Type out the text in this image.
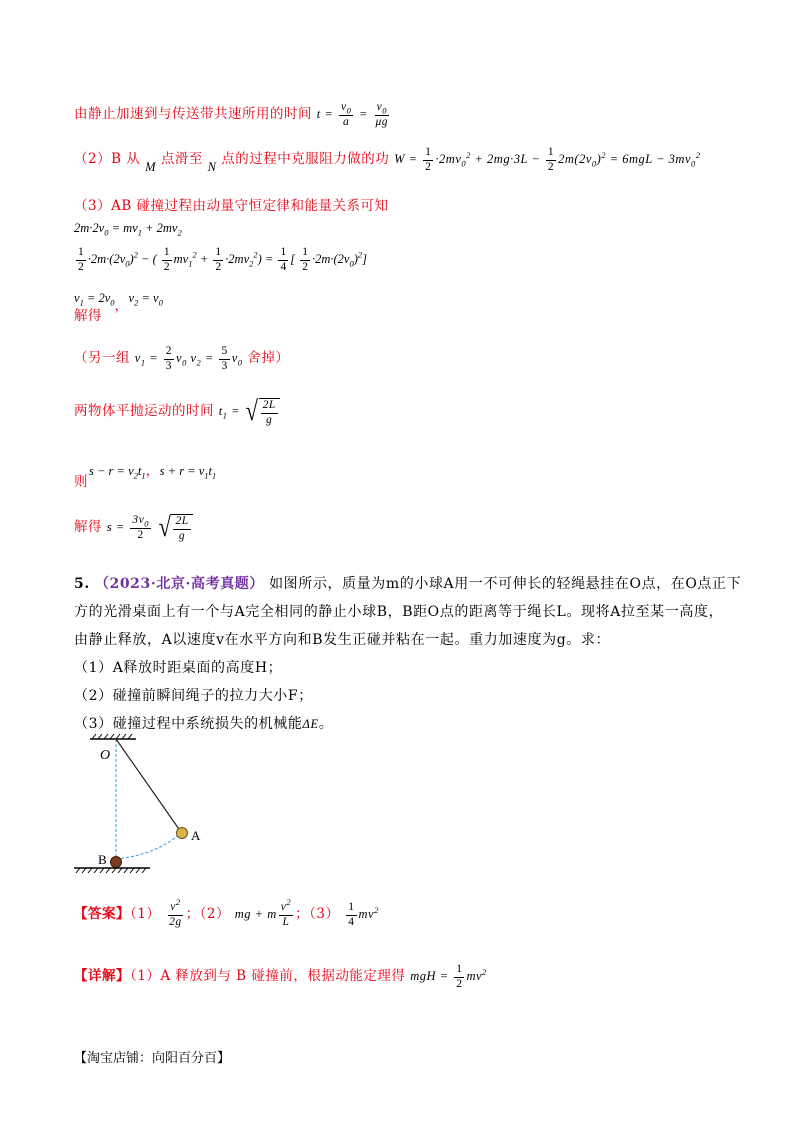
由静止加速到与传送带共速所用的时间 $t = \frac{v_0}{a} = \frac{v_0}{\mu g}$
（2）B 从 M 点滑至 N 点的过程中克服阻力做的功 $W = \frac{1}{2} \cdot 2mv_0^2 + 2mg\cdot 3L - \frac{1}{2} 2m(2v_0)^2 = 6mgL - 3mv_0^2$
（3）AB 碰撞过程由动量守恒定律和能量关系可知
$2m\cdot 2v_0 = mv_1 + 2mv_2$
$\frac{1}{2} \cdot 2m\cdot(2v_0)^2$ − ( $\frac{1}{2} mv_1^2 + \frac{1}{2} \cdot 2mv_2^2) = \frac{1}{4}$ [ $\frac{1}{2} \cdot 2m\cdot(2v_0)^2$]
$^{v_1 = 2v_0}$，$^{v_2 = v_0}$
解得
（另一组 $v_1 = \frac{2}{3} v_0$ $v_2 = \frac{5}{3} v_0$ 舍掉）
两物体平抛运动的时间 $t_1$ = √ $\frac{2L}{g}$
$s - r = v_2t_1$，$s + r = v_1t_1$
则
解得 $s = \frac{3v_0}{2}$
√ $\frac{2L}{g}$
5. （2023·北京·高考真题） 如图所示，质量为m的小球A用一不可伸长的轻绳悬挂在O点，在O点正下
方的光滑桌面上有一个与A完全相同的静止小球B，B距O点的距离等于绳长L。现将A拉至某一高度，
由静止释放，A以速度v在水平方向和B发生正碰并粘在一起。重力加速度为g。求：
（1）A释放时距桌面的高度H；
（2）碰撞前瞬间绳子的拉力大小F；
（3）碰撞过程中系统损失的机械能ΔE。
O
A
B
【答案】$(1) \frac{v^2}{2g}$ ；（2） mg + m $\frac{v^2}{L}$ ；$(3) \frac{1}{4} mv^2$
【详解】（1）A 释放到与 B 碰撞前，根据动能定理得 mgH = $\frac{1}{2} mv^2$
【淘宝店铺：向阳百分百】
